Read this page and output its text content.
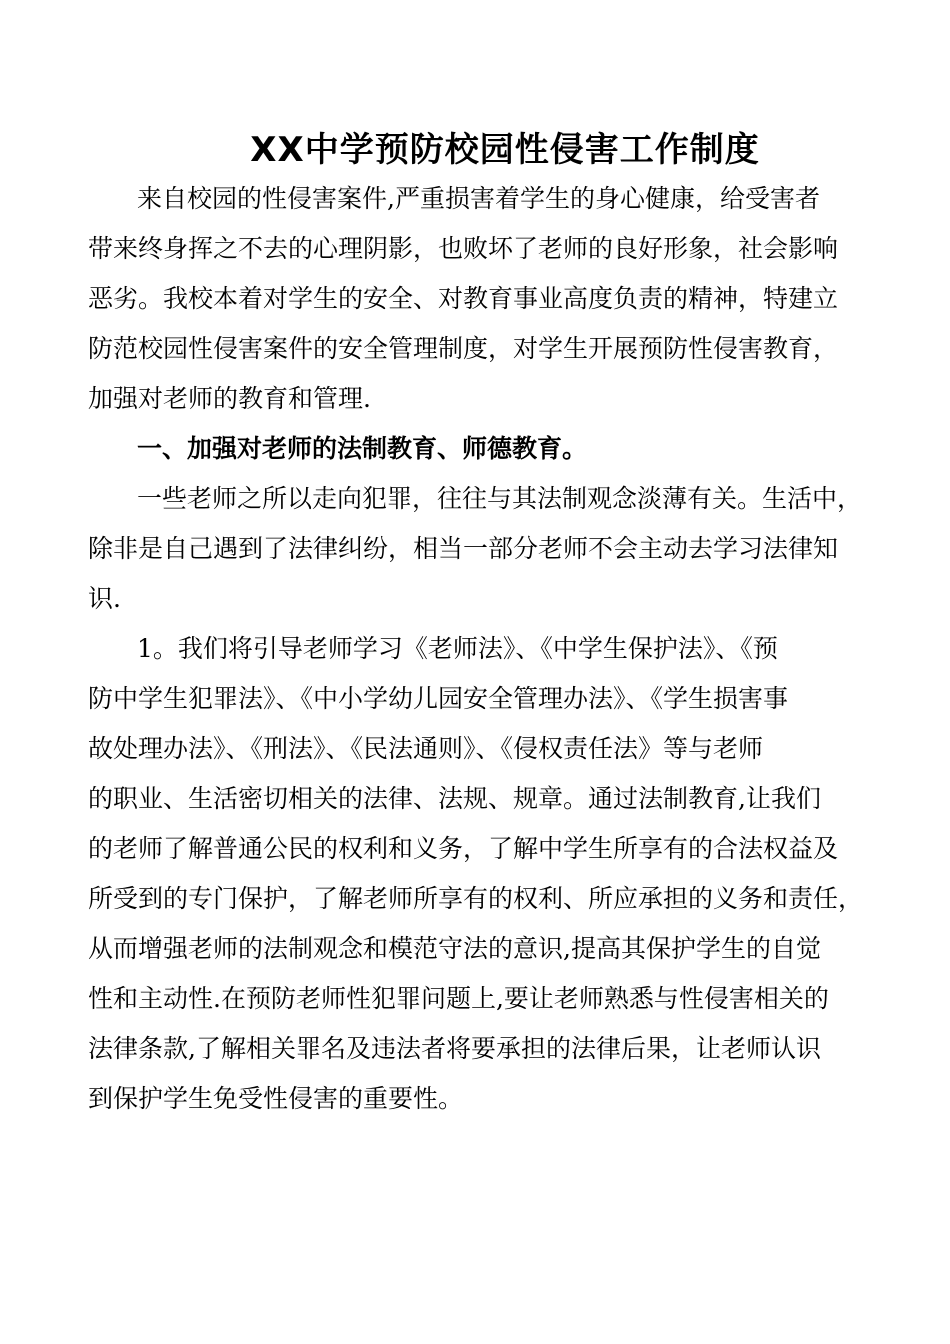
XX中学预防校园性侵害工作制度
来自校园的性侵害案件,严重损害着学生的身心健康，给受害者
带来终身挥之不去的心理阴影，也败坏了老师的良好形象，社会影响
恶劣。我校本着对学生的安全、对教育事业高度负责的精神，特建立
防范校园性侵害案件的安全管理制度，对学生开展预防性侵害教育，
加强对老师的教育和管理.
一、加强对老师的法制教育、师德教育。
一些老师之所以走向犯罪，往往与其法制观念淡薄有关。生活中，
除非是自己遇到了法律纠纷，相当一部分老师不会主动去学习法律知
识.
1。我们将引导老师学习《老师法》、《中学生保护法》、《预
防中学生犯罪法》、《中小学幼儿园安全管理办法》、《学生损害事
故处理办法》、《刑法》、《民法通则》、《侵权责任法》等与老师
的职业、生活密切相关的法律、法规、规章。通过法制教育,让我们
的老师了解普通公民的权利和义务，了解中学生所享有的合法权益及
所受到的专门保护，了解老师所享有的权利、所应承担的义务和责任，
从而增强老师的法制观念和模范守法的意识,提高其保护学生的自觉
性和主动性.在预防老师性犯罪问题上,要让老师熟悉与性侵害相关的
法律条款,了解相关罪名及违法者将要承担的法律后果，让老师认识
到保护学生免受性侵害的重要性。
